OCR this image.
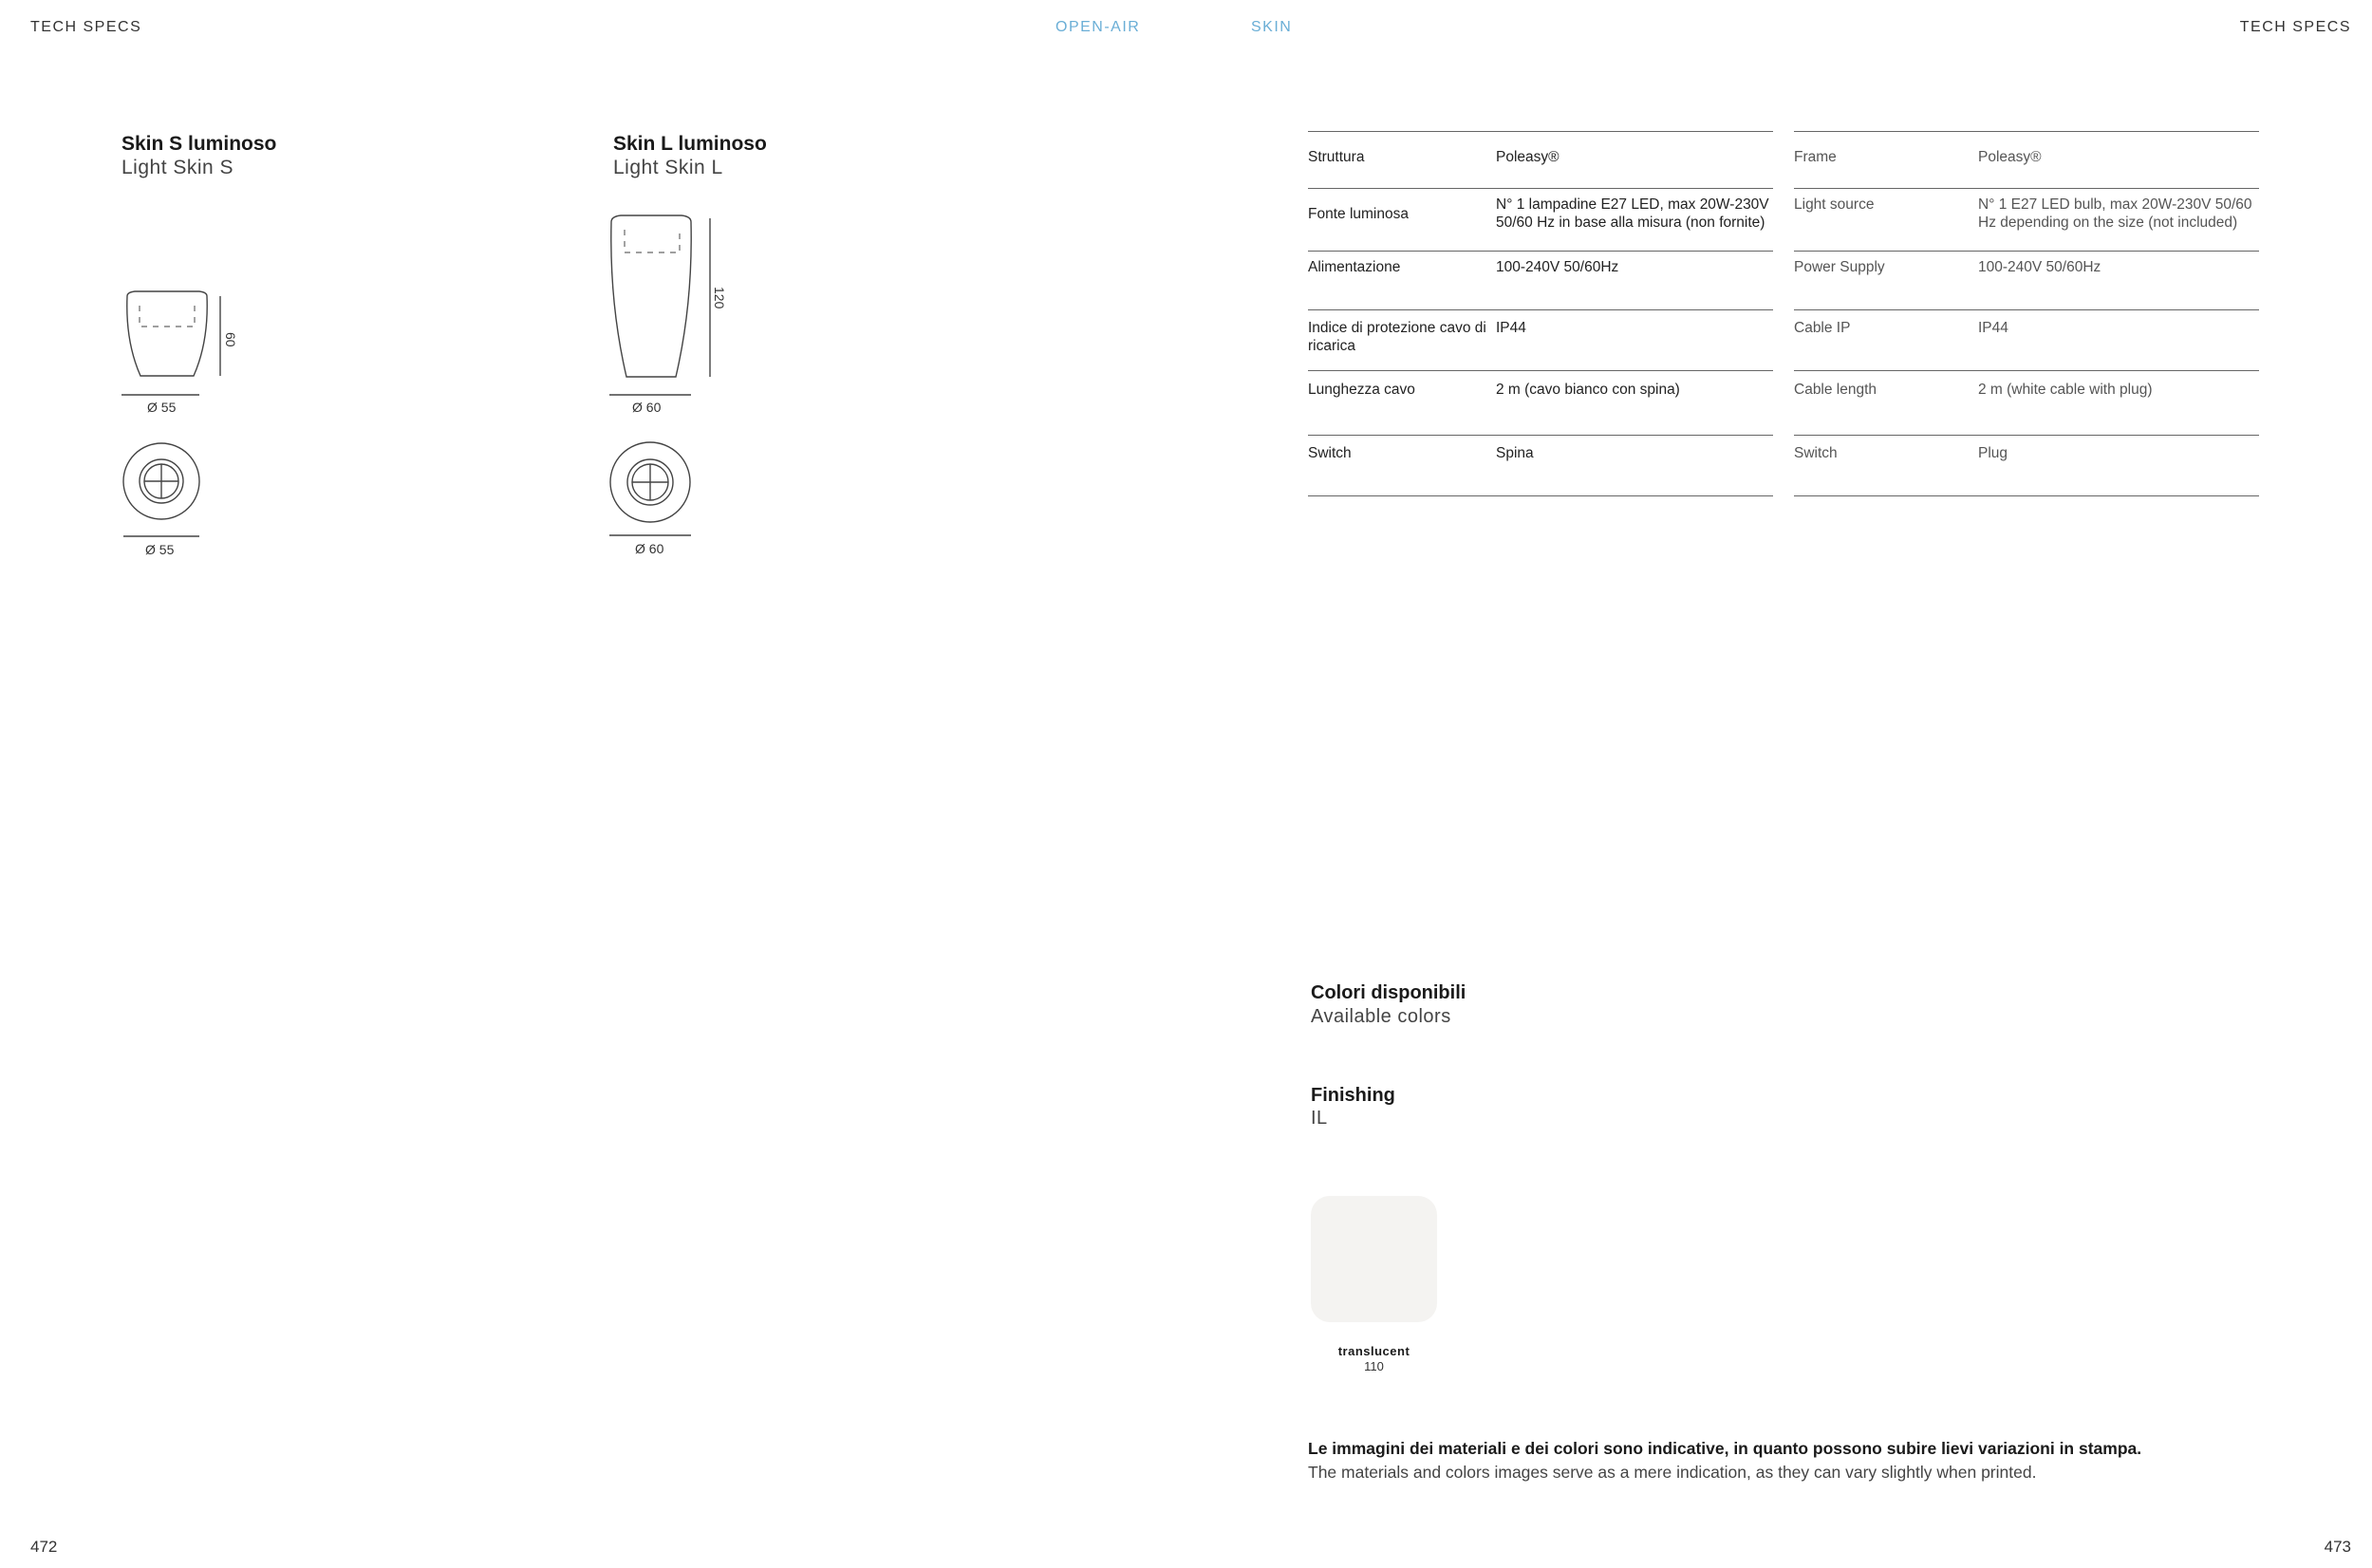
TECH SPECS	OPEN-AIR	SKIN	TECH SPECS
Skin S luminoso
Light Skin S
60
Ø 55
Ø 55
Skin L luminoso
Light Skin L
120
Ø 60
Ø 60
Struttura	Poleasy®
Fonte luminosa	N° 1 lampadine E27 LED, max 20W-230V 50/60 Hz in base alla misura (non fornite)
Alimentazione	100-240V 50/60Hz
Indice di protezione cavo di ricarica	IP44
Lunghezza cavo	2 m (cavo bianco con spina)
Switch	Spina
Frame	Poleasy®
Light source	N° 1 E27 LED bulb, max 20W-230V 50/60 Hz depending on the size (not included)
Power Supply	100-240V 50/60Hz
Cable IP	IP44
Cable length	2 m (white cable with plug)
Switch	Plug
Colori disponibili
Available colors
Finishing
IL
translucent
110
Le immagini dei materiali e dei colori sono indicative, in quanto possono subire lievi variazioni in stampa.
The materials and colors images serve as a mere indication, as they can vary slightly when printed.
472	473
